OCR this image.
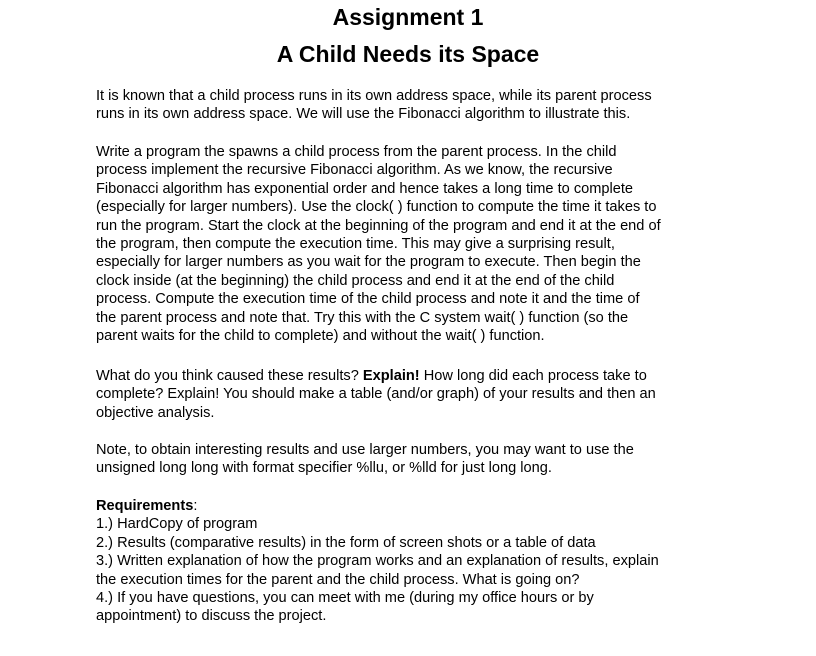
Assignment 1
A Child Needs its Space

It is known that a child process runs in its own address space, while its parent process

runs in its own address space. We will use the Fibonacci algorithm to illustrate this.

Write a program the spawns a child process from the parent process. In the child

process implement the recursive Fibonacci algorithm. As we know, the recursive

Fibonacci algorithm has exponential order and hence takes a long time to complete

(especially for larger numbers). Use the clock( ) function to compute the time it takes to

run the program. Start the clock at the beginning of the program and end it at the end of

the program, then compute the execution time. This may give a surprising result,

especially for larger numbers as you wait for the program to execute. Then begin the

clock inside (at the beginning) the child process and end it at the end of the child

process. Compute the execution time of the child process and note it and the time of

the parent process and note that. Try this with the C system wait( ) function (so the

parent waits for the child to complete) and without the wait( ) function.

What do you think caused these results? Explain! How long did each process take to

complete? Explain! You should make a table (and/or graph) of your results and then an

objective analysis.

Note, to obtain interesting results and use larger numbers, you may want to use the

unsigned long long with format specifier %llu, or %lld for just long long.

Requirements:

1.) HardCopy of program

2.) Results (comparative results) in the form of screen shots or a table of data

3.) Written explanation of how the program works and an explanation of results, explain

the execution times for the parent and the child process. What is going on?

4.) If you have questions, you can meet with me (during my office hours or by

appointment) to discuss the project.
